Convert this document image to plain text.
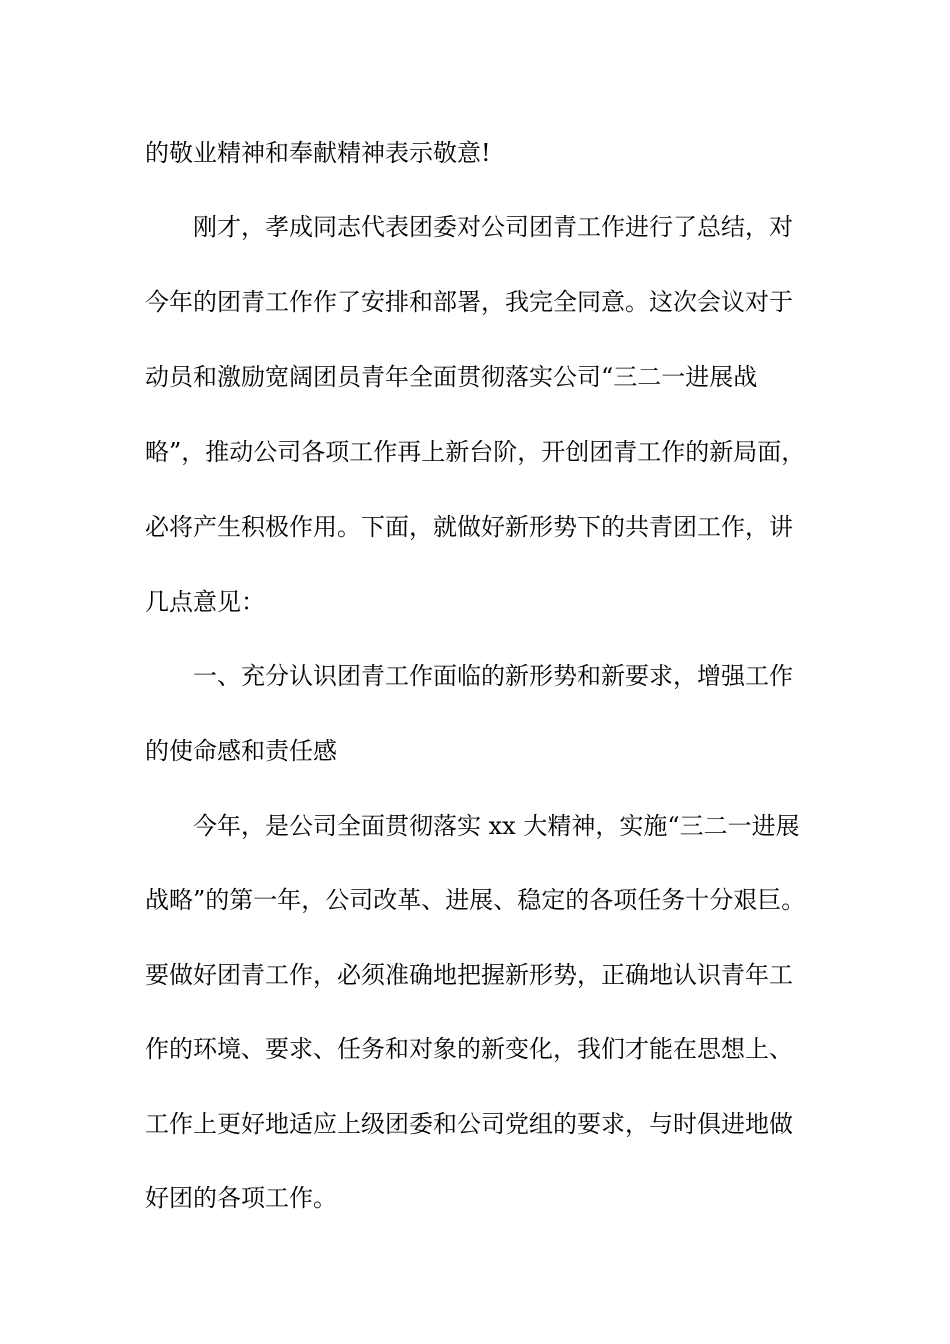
的敬业精神和奉献精神表示敬意!
刚才，孝成同志代表团委对公司团青工作进行了总结，对
今年的团青工作作了安排和部署，我完全同意。这次会议对于
动员和激励宽阔团员青年全面贯彻落实公司“三二一进展战
略”，推动公司各项工作再上新台阶，开创团青工作的新局面，
必将产生积极作用。下面，就做好新形势下的共青团工作，讲
几点意见：
一、充分认识团青工作面临的新形势和新要求，增强工作
的使命感和责任感
今年，是公司全面贯彻落实 xx 大精神，实施“三二一进展
战略”的第一年，公司改革、进展、稳定的各项任务十分艰巨。
要做好团青工作，必须准确地把握新形势，正确地认识青年工
作的环境、要求、任务和对象的新变化，我们才能在思想上、
工作上更好地适应上级团委和公司党组的要求，与时俱进地做
好团的各项工作。
